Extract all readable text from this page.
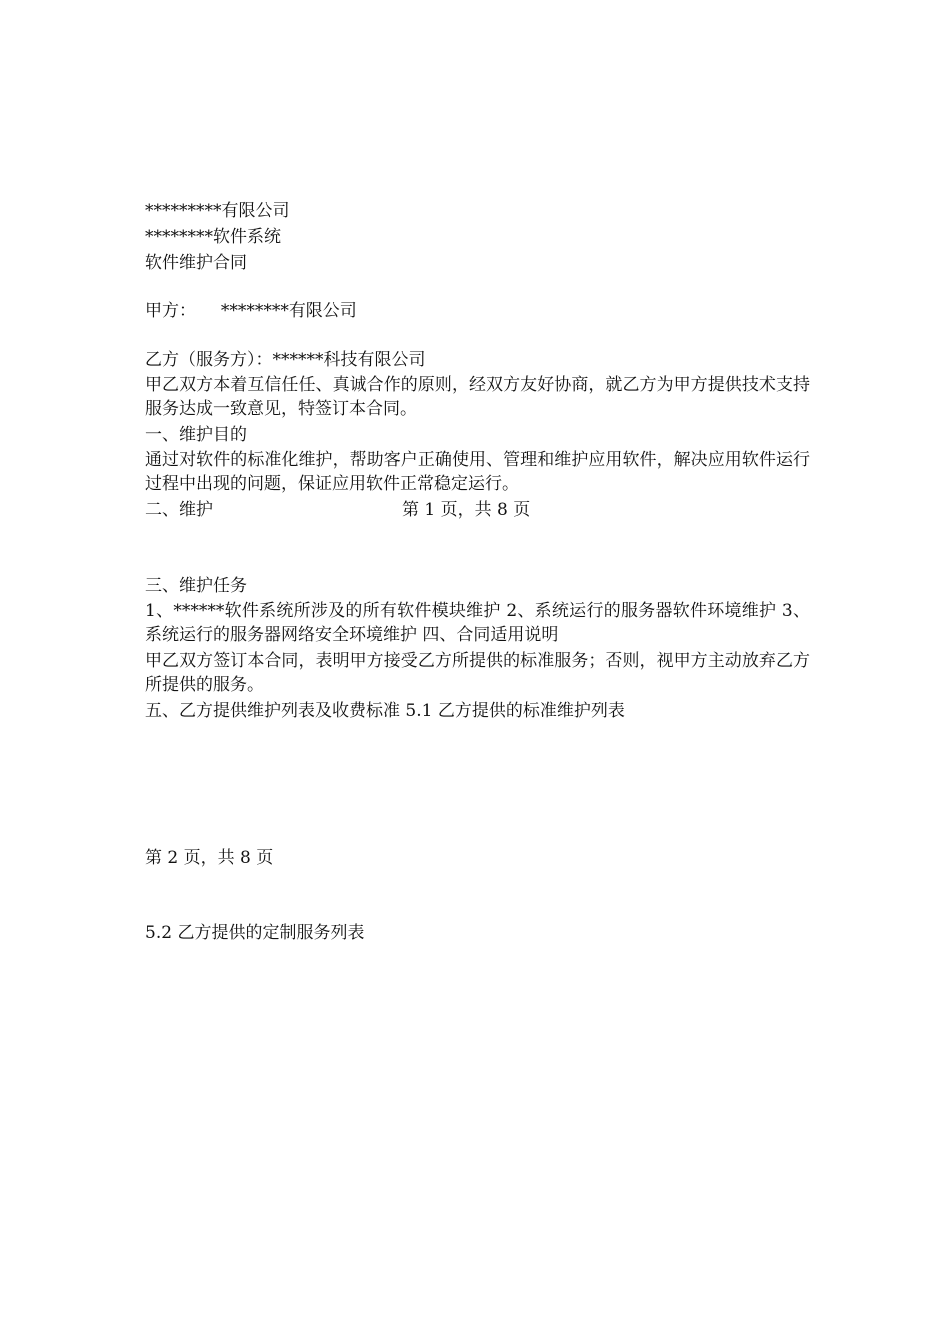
*********有限公司
********软件系统
软件维护合同
甲方： ********有限公司
乙方（服务方）：******科技有限公司
甲乙双方本着互信任任、真诚合作的原则，经双方友好协商，就乙方为甲方提供技术支持服务达成一致意见，特签订本合同。
一、维护目的
通过对软件的标准化维护，帮助客户正确使用、管理和维护应用软件，解决应用软件运行过程中出现的问题，保证应用软件正常稳定运行。
二、维护	第 1 页，共 8 页
三、维护任务
1、******软件系统所涉及的所有软件模块维护 2、系统运行的服务器软件环境维护 3、系统运行的服务器网络安全环境维护 四、合同适用说明
甲乙双方签订本合同，表明甲方接受乙方所提供的标准服务；否则，视甲方主动放弃乙方所提供的服务。
五、乙方提供维护列表及收费标准 5.1 乙方提供的标准维护列表
第 2 页，共 8 页
5.2 乙方提供的定制服务列表
